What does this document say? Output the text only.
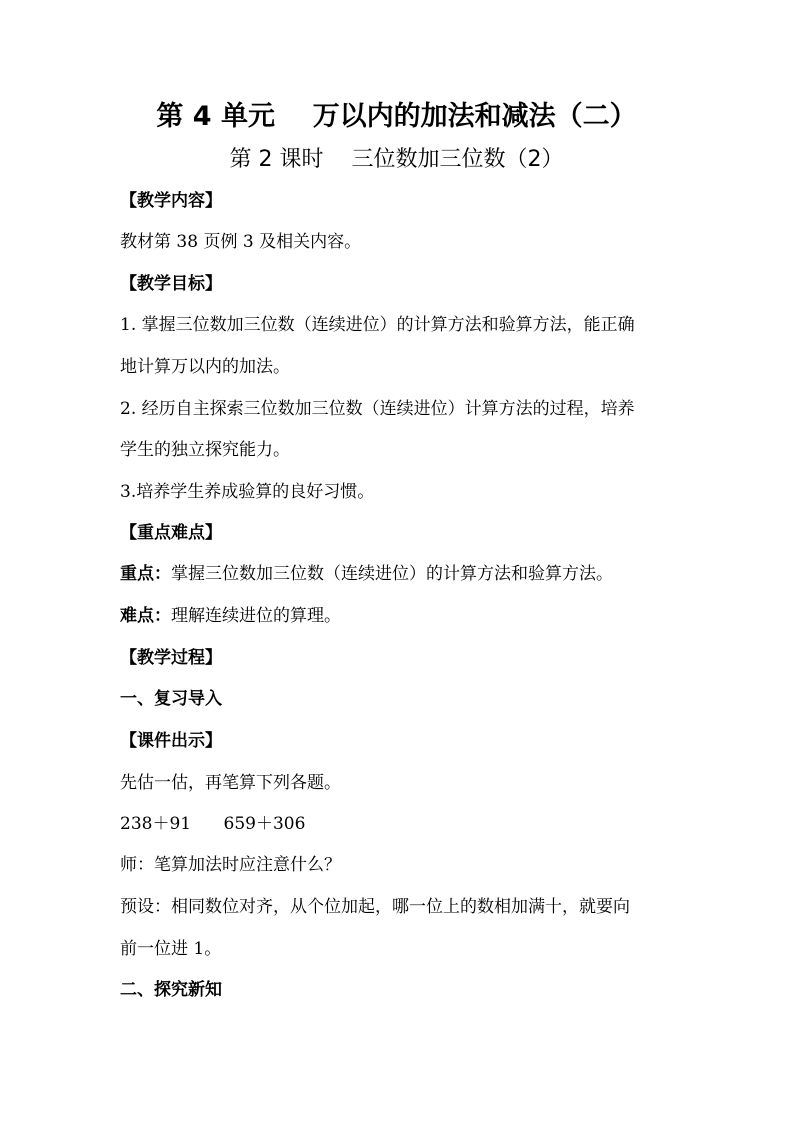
第 4 单元    万以内的加法和减法（二）
第 2 课时    三位数加三位数（2）
【教学内容】
教材第 38 页例 3 及相关内容。
【教学目标】
1. 掌握三位数加三位数（连续进位）的计算方法和验算方法，能正确
地计算万以内的加法。
2. 经历自主探索三位数加三位数（连续进位）计算方法的过程，培养
学生的独立探究能力。
3.培养学生养成验算的良好习惯。
【重点难点】
重点：掌握三位数加三位数（连续进位）的计算方法和验算方法。
难点：理解连续进位的算理。
【教学过程】
一、复习导入
【课件出示】
先估一估，再笔算下列各题。
238＋91      659＋306
师：笔算加法时应注意什么？
预设：相同数位对齐，从个位加起，哪一位上的数相加满十，就要向
前一位进 1。
二、探究新知
